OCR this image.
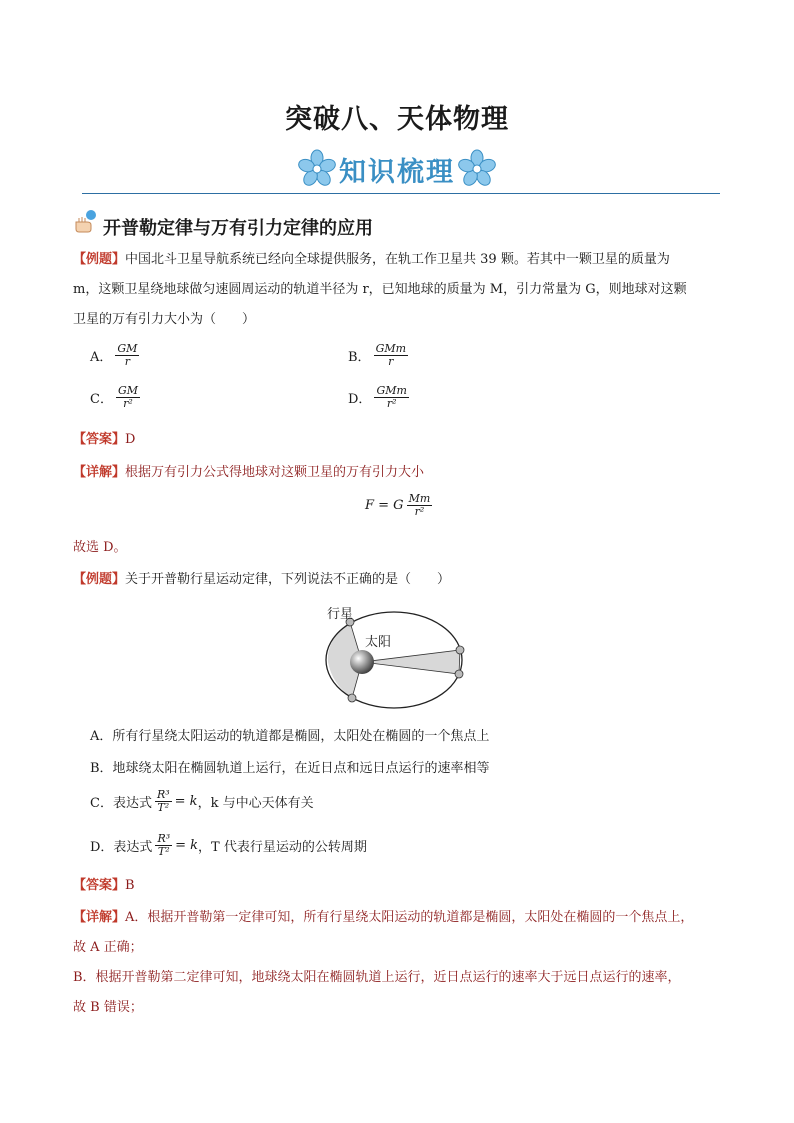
突破八、天体物理
知识梳理
开普勒定律与万有引力定律的应用
【例题】中国北斗卫星导航系统已经向全球提供服务，在轨工作卫星共 39 颗。若其中一颗卫星的质量为
m，这颗卫星绕地球做匀速圆周运动的轨道半径为 r，已知地球的质量为 M，引力常量为 G，则地球对这颗
卫星的万有引力大小为（　　）
A． $\frac{GM}{r}$	B． $\frac{\text{GMm}}{r}$
C． $\frac{GM}{\text{r²}}$	D． $\frac{\text{GMm}}{\text{r²}}$
【答案】D
【详解】根据万有引力公式得地球对这颗卫星的万有引力大小
F = G $\frac{Mm}{\text{r²}}$
故选 D。
【例题】关于开普勒行星运动定律，下列说法不正确的是（　　）
行星
太阳
A．所有行星绕太阳运动的轨道都是椭圆，太阳处在椭圆的一个焦点上
B．地球绕太阳在椭圆轨道上运行，在近日点和远日点运行的速率相等
C．表达式 $\frac{\text{R³}}{\text{T²}} = k$ ，k 与中心天体有关
D．表达式 $\frac{\text{R³}}{\text{T²}} = k$ ，T 代表行星运动的公转周期
【答案】B
【详解】A．根据开普勒第一定律可知，所有行星绕太阳运动的轨道都是椭圆，太阳处在椭圆的一个焦点上，
故 A 正确；
B．根据开普勒第二定律可知，地球绕太阳在椭圆轨道上运行，近日点运行的速率大于远日点运行的速率，
故 B 错误；
